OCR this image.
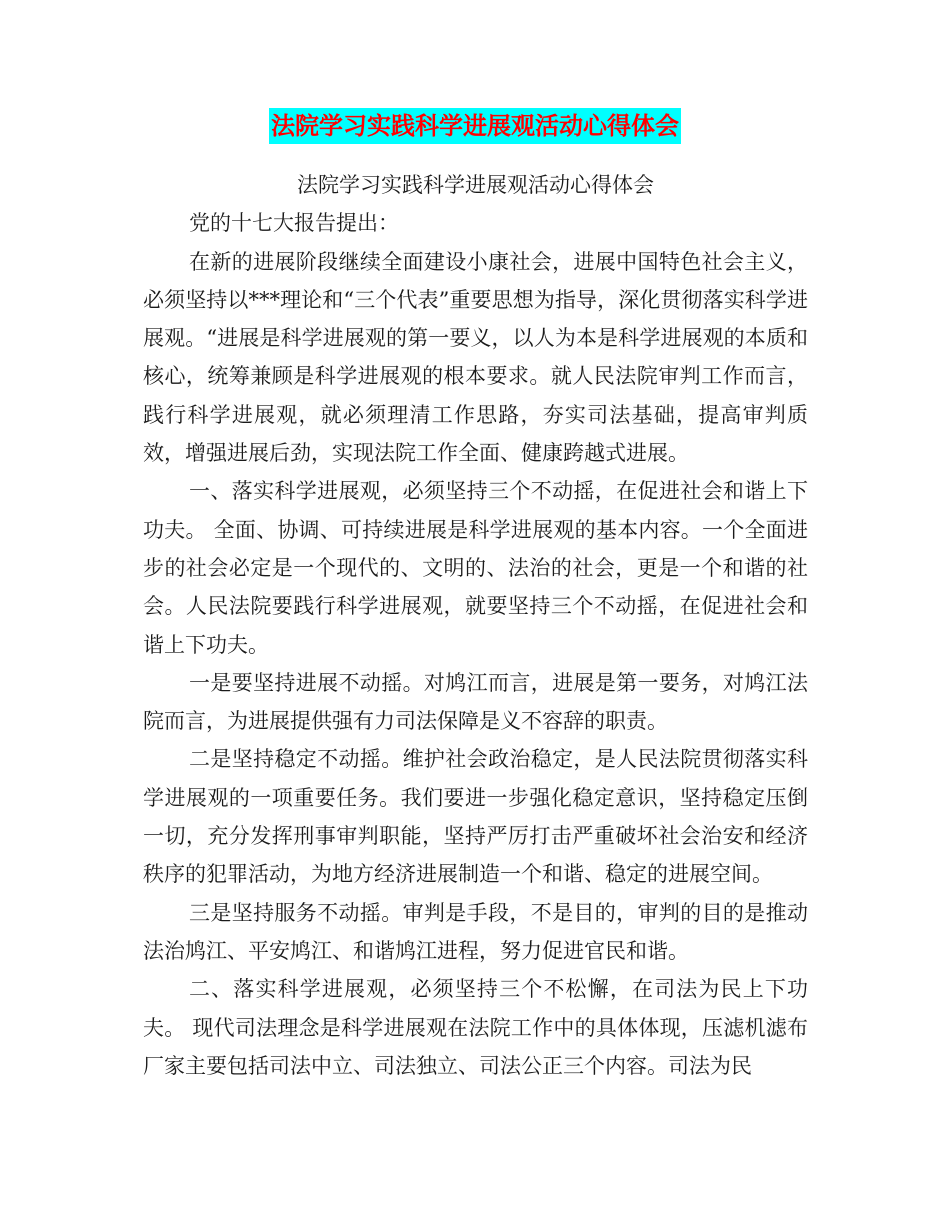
法院学习实践科学进展观活动心得体会

法院学习实践科学进展观活动心得体会

党的十七大报告提出：

在新的进展阶段继续全面建设小康社会，进展中国特色社会主义，必须坚持以***理论和“三个代表”重要思想为指导，深化贯彻落实科学进展观。“进展是科学进展观的第一要义，以人为本是科学进展观的本质和核心，统筹兼顾是科学进展观的根本要求。就人民法院审判工作而言，践行科学进展观，就必须理清工作思路，夯实司法基础，提高审判质效，增强进展后劲，实现法院工作全面、健康跨越式进展。

一、落实科学进展观，必须坚持三个不动摇，在促进社会和谐上下功夫。 全面、协调、可持续进展是科学进展观的基本内容。一个全面进步的社会必定是一个现代的、文明的、法治的社会，更是一个和谐的社会。人民法院要践行科学进展观，就要坚持三个不动摇，在促进社会和谐上下功夫。

一是要坚持进展不动摇。对鸠江而言，进展是第一要务，对鸠江法院而言，为进展提供强有力司法保障是义不容辞的职责。

二是坚持稳定不动摇。维护社会政治稳定，是人民法院贯彻落实科学进展观的一项重要任务。我们要进一步强化稳定意识，坚持稳定压倒一切，充分发挥刑事审判职能，坚持严厉打击严重破坏社会治安和经济秩序的犯罪活动，为地方经济进展制造一个和谐、稳定的进展空间。

三是坚持服务不动摇。审判是手段，不是目的，审判的目的是推动法治鸠江、平安鸠江、和谐鸠江进程，努力促进官民和谐。

二、落实科学进展观，必须坚持三个不松懈，在司法为民上下功夫。 现代司法理念是科学进展观在法院工作中的具体体现，压滤机滤布厂家主要包括司法中立、司法独立、司法公正三个内容。司法为民
